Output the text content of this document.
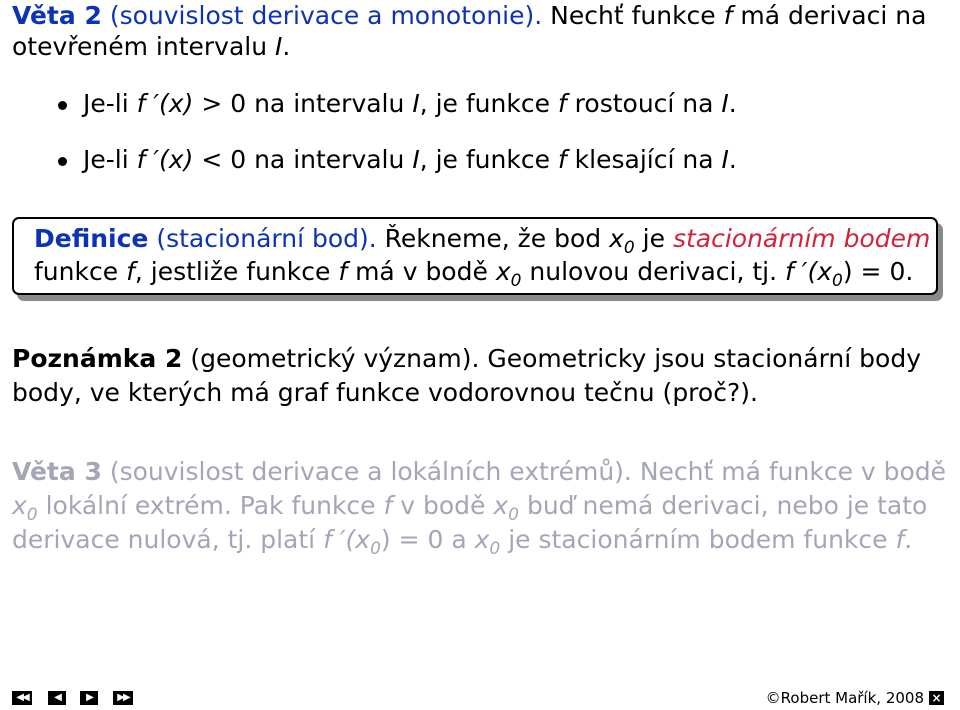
Věta 2 (souvislost derivace a monotonie). Nechť funkce f má derivaci na
otevřeném intervalu I.
Je-li f ′(x) > 0 na intervalu I, je funkce f rostoucí na I.
Je-li f ′(x) < 0 na intervalu I, je funkce f klesající na I.
Definice (stacionární bod). Řekneme, že bod $x_0$ je stacionárním bodem
funkce f, jestliže funkce f má v bodě $x_0$ nulovou derivaci, tj. f $'(x_0) = 0$.
Poznámka 2 (geometrický význam). Geometricky jsou stacionární body
body, ve kterých má graf funkce vodorovnou tečnu (proč?).
Věta 3 (souvislost derivace a lokálních extrémů). Nechť má funkce v bodě
$x_0$ lokální extrém. Pak funkce f v bodě $x_0$ buď nemá derivaci, nebo je tato
derivace nulová, tj. platí f $'(x_0) = 0$ a $x_0$ je stacionárním bodem funkce f.
◀◀	◀	▶	▶▶	©Robert Mařík, 2008 ×
